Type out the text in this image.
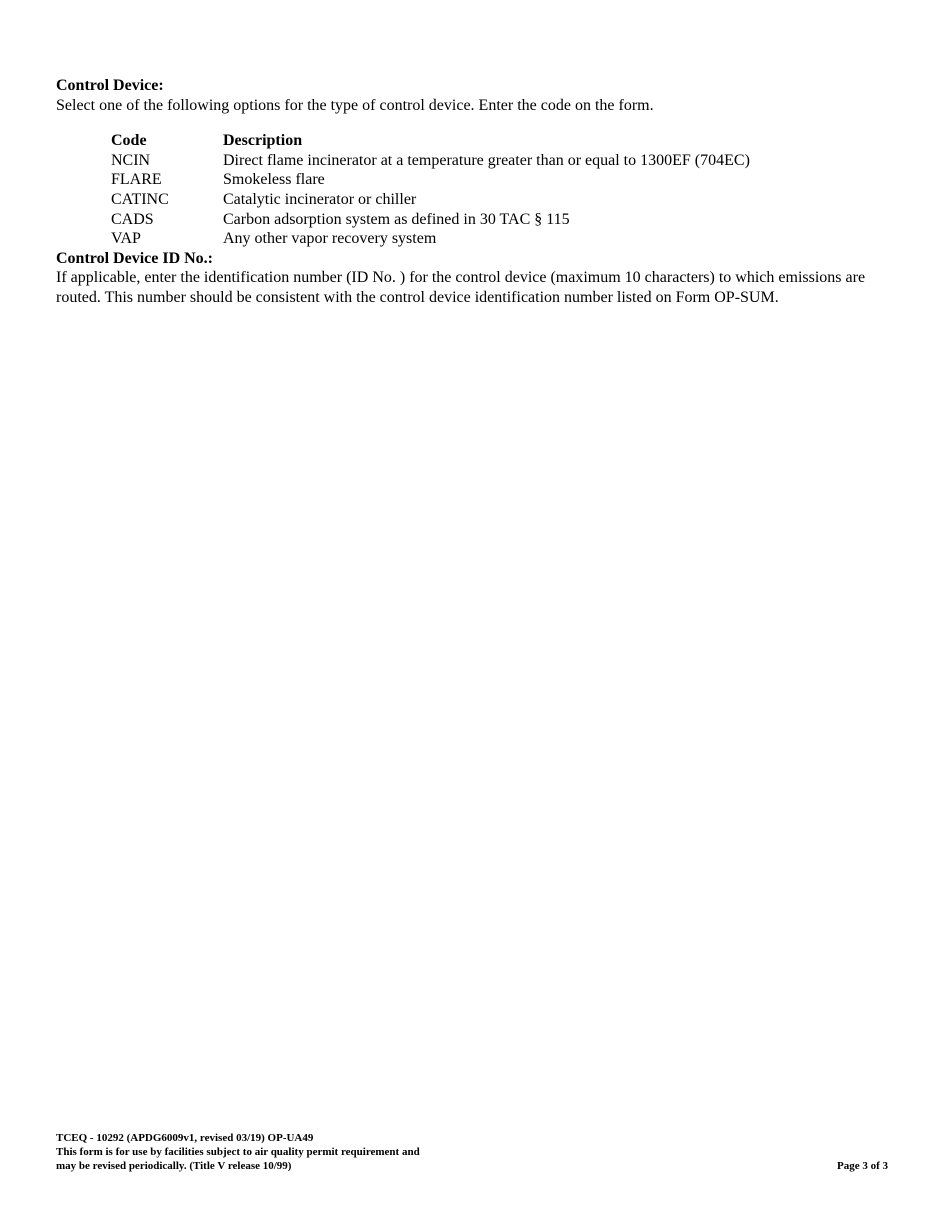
Control Device:

Select one of the following options for the type of control device. Enter the code on the form.

Code	Description
NCIN	Direct flame incinerator at a temperature greater than or equal to 1300EF (704EC)
FLARE	Smokeless flare
CATINC	Catalytic incinerator or chiller
CADS	Carbon adsorption system as defined in 30 TAC § 115
VAP	Any other vapor recovery system

Control Device ID No.:

If applicable, enter the identification number (ID No. ) for the control device (maximum 10 characters) to which emissions are routed. This number should be consistent with the control device identification number listed on Form OP-SUM.

TCEQ - 10292 (APDG6009v1, revised 03/19) OP-UA49
This form is for use by facilities subject to air quality permit requirement and
may be revised periodically. (Title V release 10/99)	Page 3 of 3
